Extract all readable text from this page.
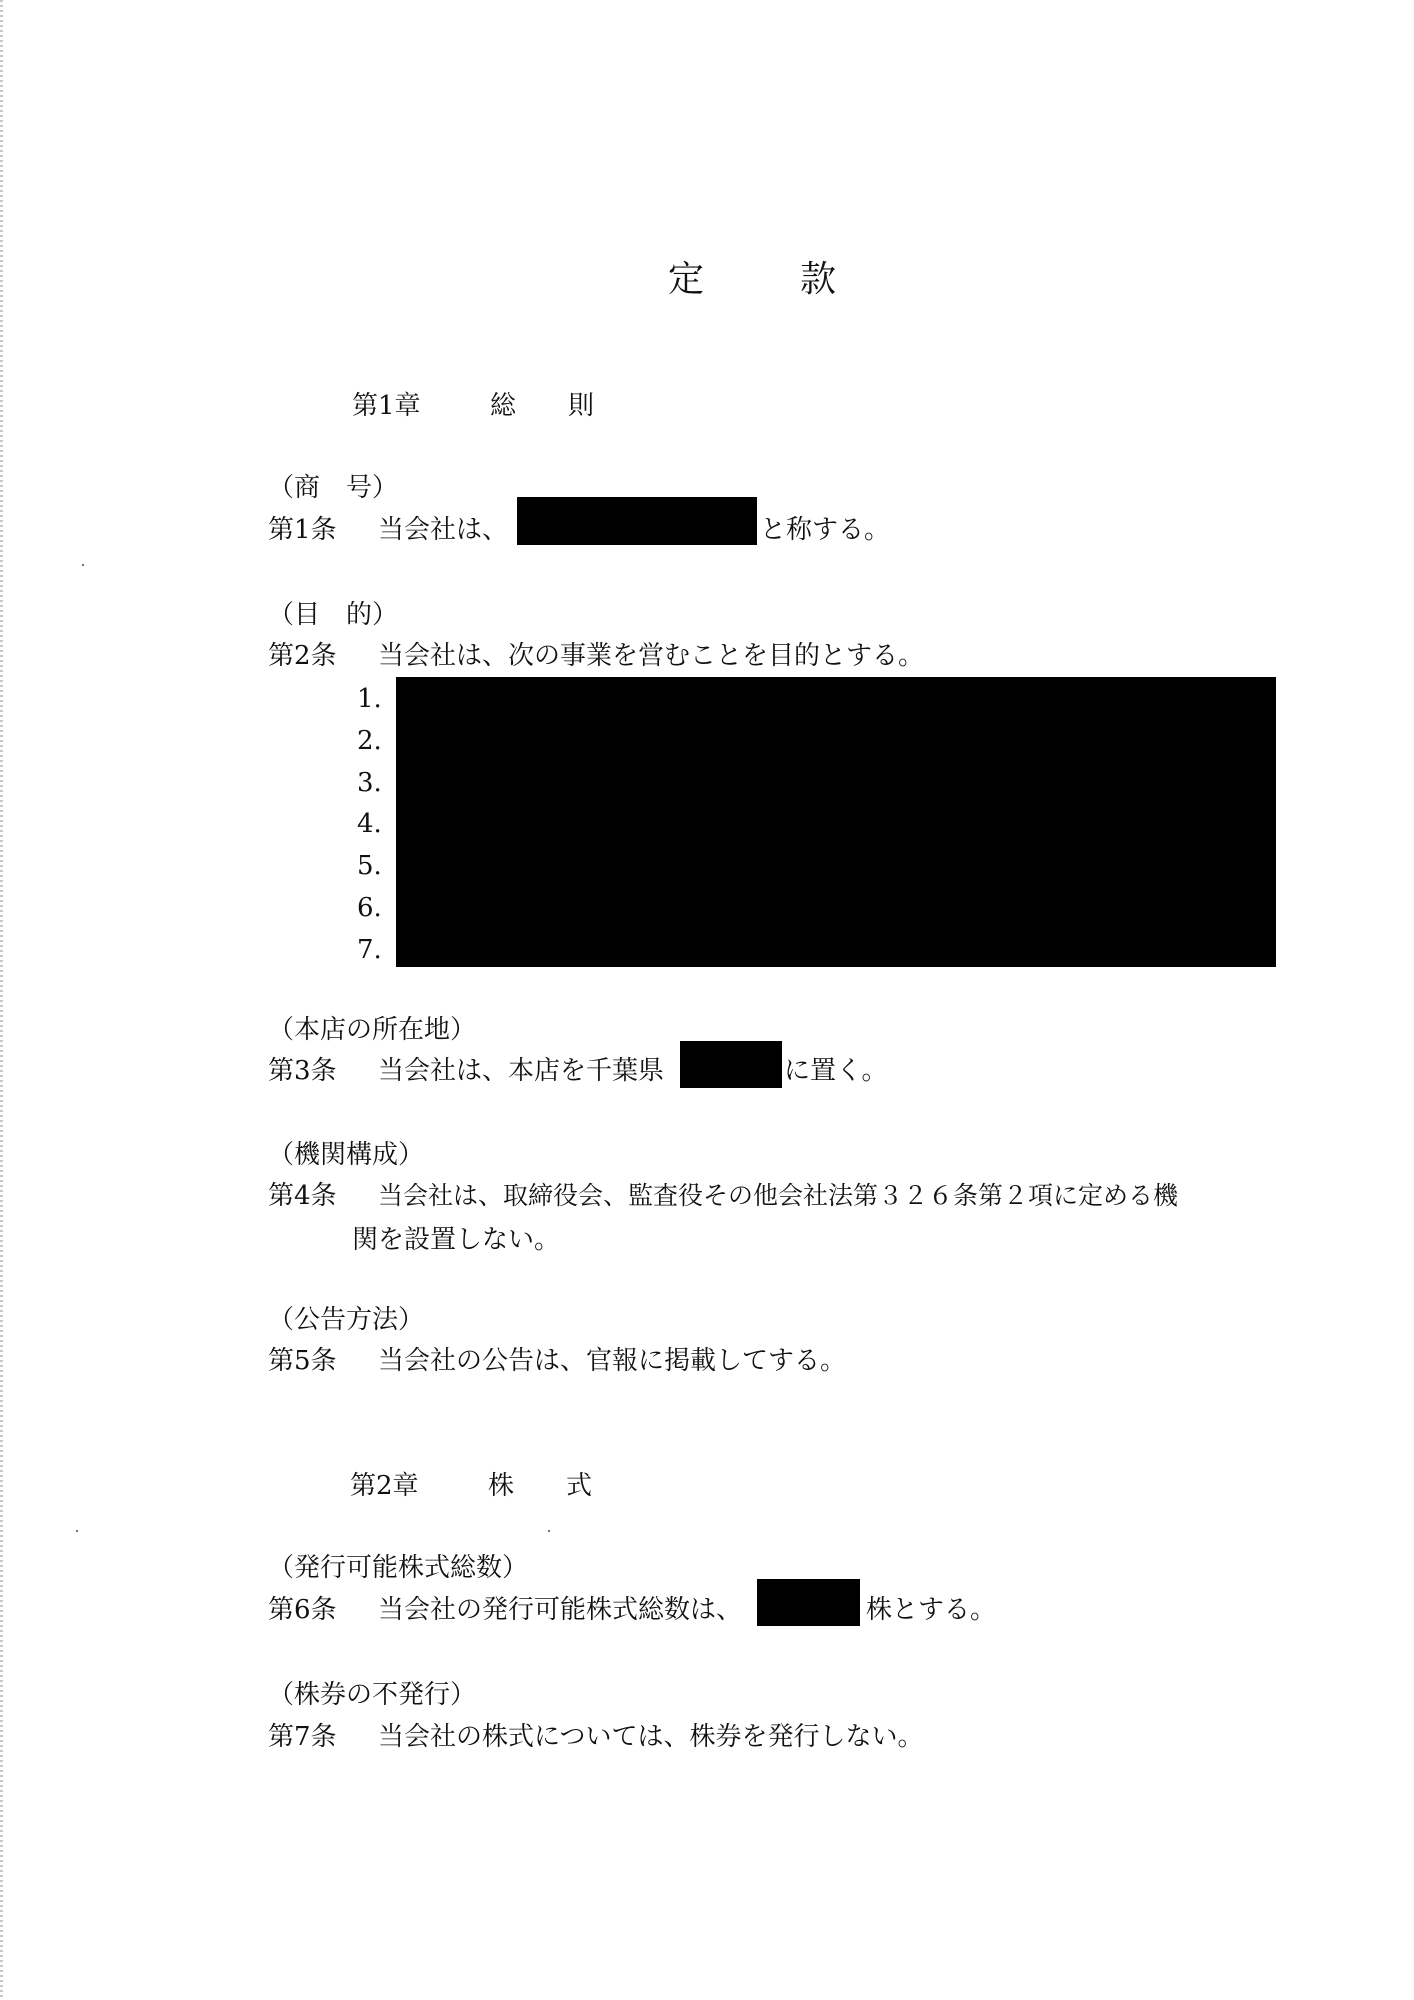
定	款
第1章	総 則
（商　号）
第1条 当会社は、	と称する。
（目　的）
第2条 当会社は、次の事業を営むことを目的とする。
1.
2.
3.
4.
5.
6.
7.
（本店の所在地）
第3条 当会社は、本店を千葉県	に置く。
（機関構成）
第4条 当会社は、取締役会、監査役その他会社法第３２６条第２項に定める機
関を設置しない。
（公告方法）
第5条 当会社の公告は、官報に掲載してする。
第2章	株 式
（発行可能株式総数）
第6条 当会社の発行可能株式総数は、	株とする。
（株券の不発行）
第7条 当会社の株式については、株券を発行しない。
